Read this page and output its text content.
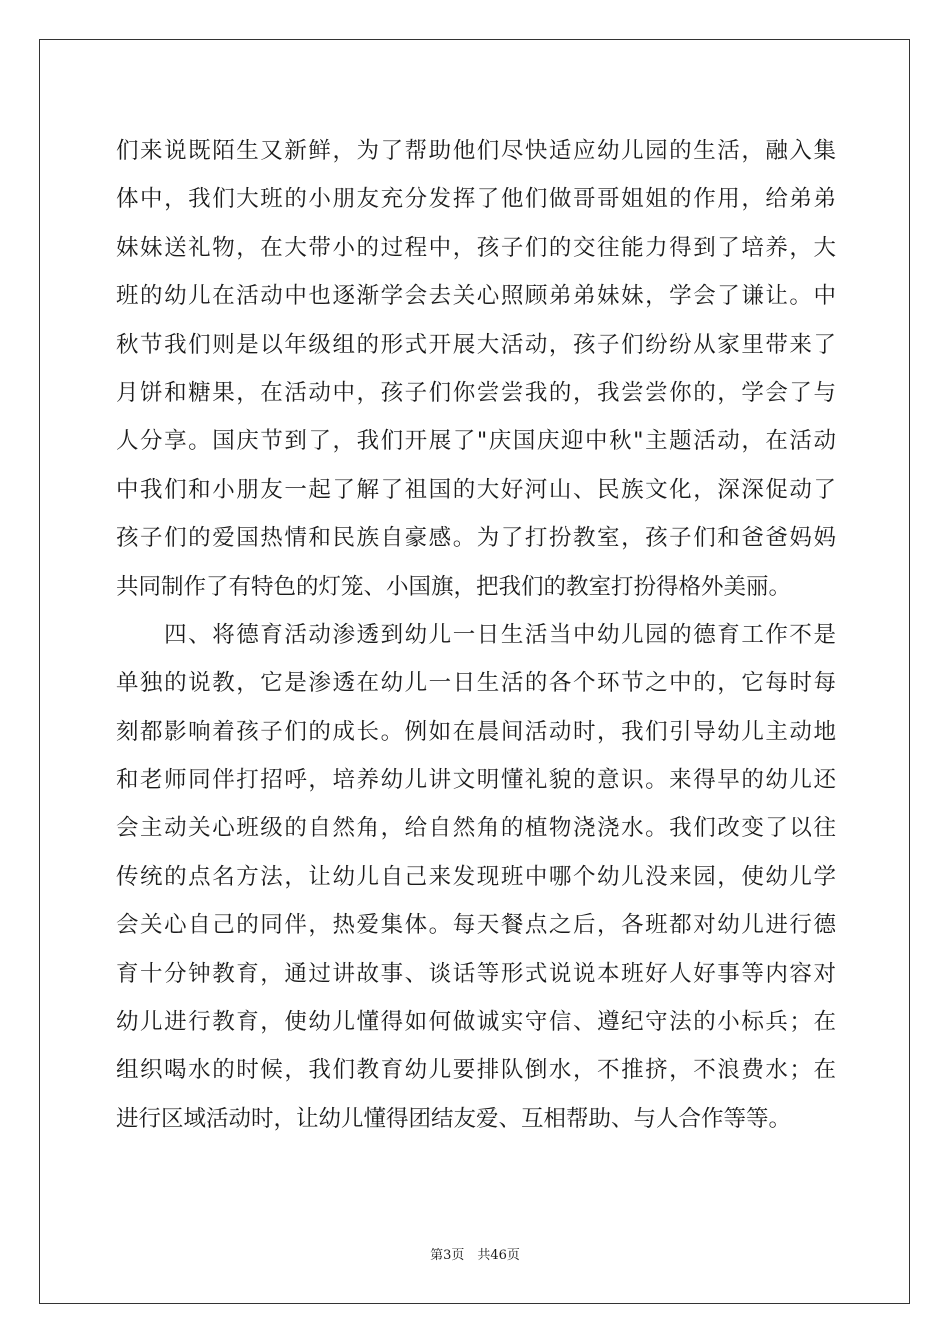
们来说既陌生又新鲜，为了帮助他们尽快适应幼儿园的生活，融入集
体中，我们大班的小朋友充分发挥了他们做哥哥姐姐的作用，给弟弟
妹妹送礼物，在大带小的过程中，孩子们的交往能力得到了培养，大
班的幼儿在活动中也逐渐学会去关心照顾弟弟妹妹，学会了谦让。中
秋节我们则是以年级组的形式开展大活动，孩子们纷纷从家里带来了
月饼和糖果，在活动中，孩子们你尝尝我的，我尝尝你的，学会了与
人分享。国庆节到了，我们开展了"庆国庆迎中秋"主题活动，在活动
中我们和小朋友一起了解了祖国的大好河山、民族文化，深深促动了
孩子们的爱国热情和民族自豪感。为了打扮教室，孩子们和爸爸妈妈
共同制作了有特色的灯笼、小国旗，把我们的教室打扮得格外美丽。
　　四、将德育活动渗透到幼儿一日生活当中幼儿园的德育工作不是
单独的说教，它是渗透在幼儿一日生活的各个环节之中的，它每时每
刻都影响着孩子们的成长。例如在晨间活动时，我们引导幼儿主动地
和老师同伴打招呼，培养幼儿讲文明懂礼貌的意识。来得早的幼儿还
会主动关心班级的自然角，给自然角的植物浇浇水。我们改变了以往
传统的点名方法，让幼儿自己来发现班中哪个幼儿没来园，使幼儿学
会关心自己的同伴，热爱集体。每天餐点之后，各班都对幼儿进行德
育十分钟教育，通过讲故事、谈话等形式说说本班好人好事等内容对
幼儿进行教育，使幼儿懂得如何做诚实守信、遵纪守法的小标兵；在
组织喝水的时候，我们教育幼儿要排队倒水，不推挤，不浪费水；在
进行区域活动时，让幼儿懂得团结友爱、互相帮助、与人合作等等。
第3页　共46页
